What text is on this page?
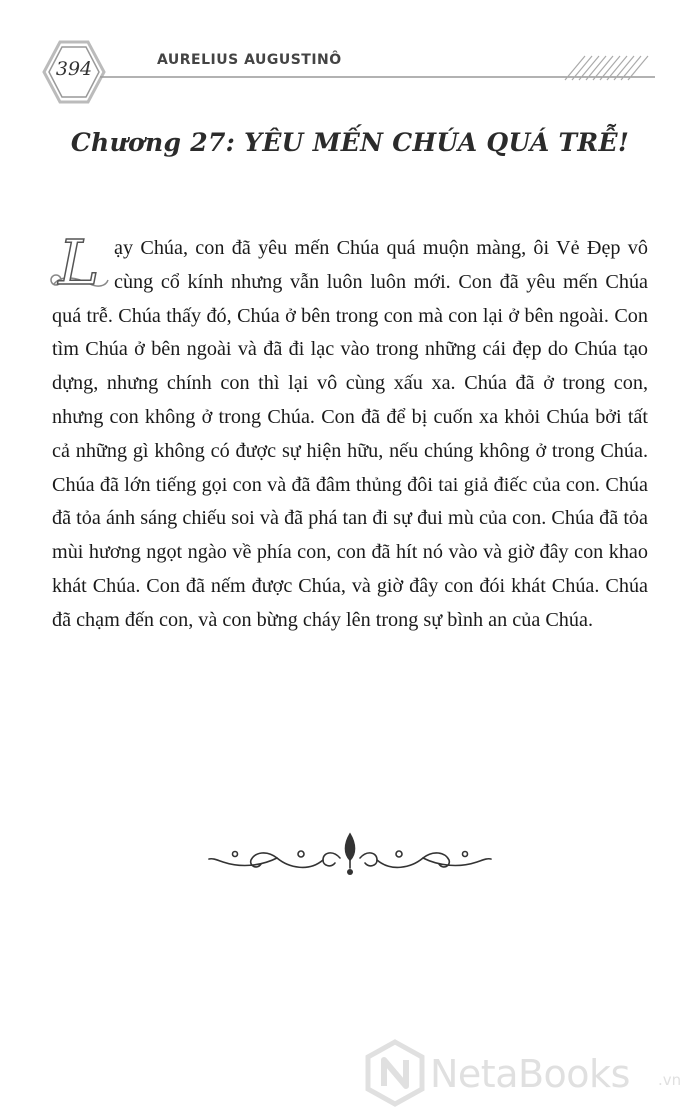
394	AURELIUS AUGUSTINÔ
Chương 27: YÊU MẾN CHÚA QUÁ TRỄ!
L ạy Chúa, con đã yêu mến Chúa quá muộn màng, ôi Vẻ Đẹp vô cùng cổ kính nhưng vẫn luôn luôn mới. Con đã yêu mến Chúa quá trễ. Chúa thấy đó, Chúa ở bên trong con mà con lại ở bên ngoài. Con tìm Chúa ở bên ngoài và đã đi lạc vào trong những cái đẹp do Chúa tạo dựng, nhưng chính con thì lại vô cùng xấu xa. Chúa đã ở trong con, nhưng con không ở trong Chúa. Con đã để bị cuốn xa khỏi Chúa bởi tất cả những gì không có được sự hiện hữu, nếu chúng không ở trong Chúa. Chúa đã lớn tiếng gọi con và đã đâm thủng đôi tai giả điếc của con. Chúa đã tỏa ánh sáng chiếu soi và đã phá tan đi sự đui mù của con. Chúa đã tỏa mùi hương ngọt ngào về phía con, con đã hít nó vào và giờ đây con khao khát Chúa. Con đã nếm được Chúa, và giờ đây con đói khát Chúa. Chúa đã chạm đến con, và con bừng cháy lên trong sự bình an của Chúa.
NetaBooks .vn
